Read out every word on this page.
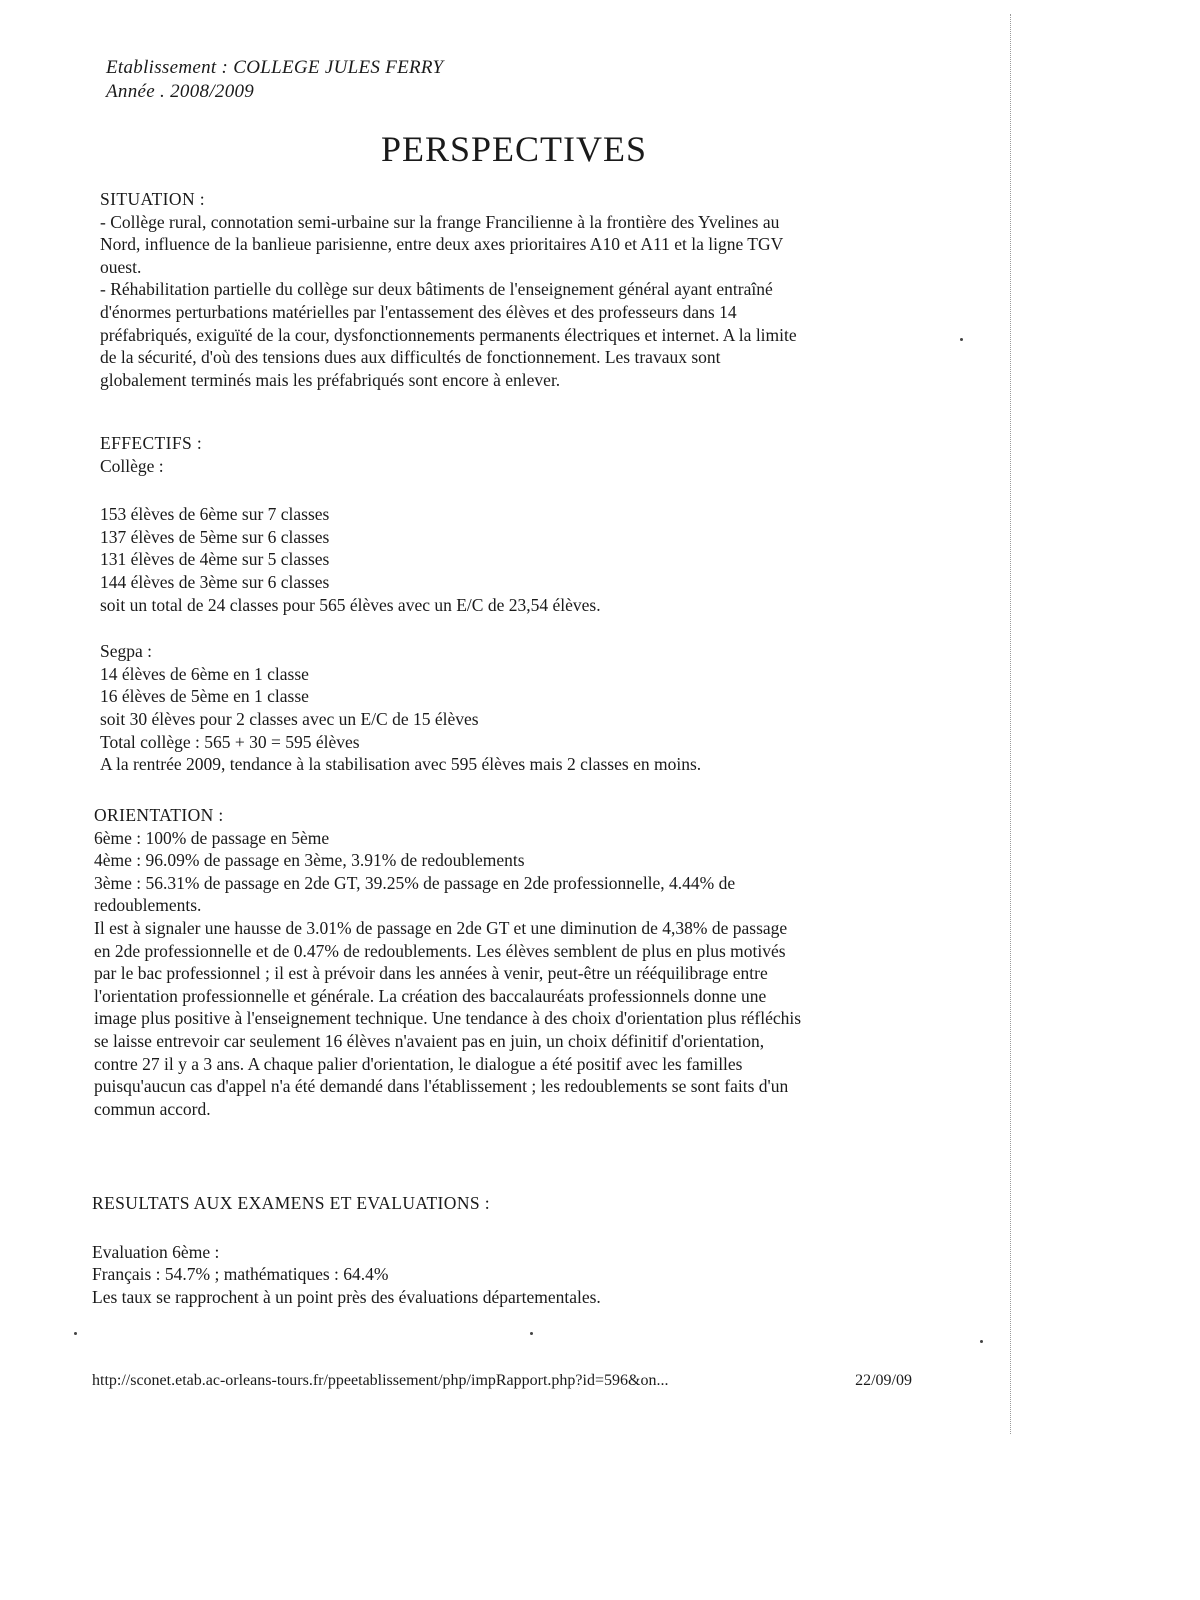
Etablissement : COLLEGE JULES FERRY
Année . 2008/2009
PERSPECTIVES

SITUATION :

- Collège rural, connotation semi-urbaine sur la frange Francilienne à la frontière des Yvelines au

Nord, influence de la banlieue parisienne, entre deux axes prioritaires A10 et A11 et la ligne TGV

ouest.

- Réhabilitation partielle du collège sur deux bâtiments de l'enseignement général ayant entraîné

d'énormes perturbations matérielles par l'entassement des élèves et des professeurs dans 14

préfabriqués, exiguïté de la cour, dysfonctionnements permanents électriques et internet. A la limite

de la sécurité, d'où des tensions dues aux difficultés de fonctionnement. Les travaux sont

globalement terminés mais les préfabriqués sont encore à enlever.

EFFECTIFS :

Collège :

153 élèves de 6ème sur 7 classes

137 élèves de 5ème sur 6 classes

131 élèves de 4ème sur 5 classes

144 élèves de 3ème sur 6 classes

soit un total de 24 classes pour 565 élèves avec un E/C de 23,54 élèves.

Segpa :

14 élèves de 6ème en 1 classe

16 élèves de 5ème en 1 classe

soit 30 élèves pour 2 classes avec un E/C de 15 élèves

Total collège : 565 + 30 = 595 élèves

A la rentrée 2009, tendance à la stabilisation avec 595 élèves mais 2 classes en moins.

ORIENTATION :

6ème : 100% de passage en 5ème

4ème : 96.09% de passage en 3ème, 3.91% de redoublements

3ème : 56.31% de passage en 2de GT, 39.25% de passage en 2de professionnelle, 4.44% de

redoublements.

Il est à signaler une hausse de 3.01% de passage en 2de GT et une diminution de 4,38% de passage

en 2de professionnelle et de 0.47% de redoublements. Les élèves semblent de plus en plus motivés

par le bac professionnel ; il est à prévoir dans les années à venir, peut-être un rééquilibrage entre

l'orientation professionnelle et générale. La création des baccalauréats professionnels donne une

image plus positive à l'enseignement technique. Une tendance à des choix d'orientation plus réfléchis

se laisse entrevoir car seulement 16 élèves n'avaient pas en juin, un choix définitif d'orientation,

contre 27 il y a 3 ans. A chaque palier d'orientation, le dialogue a été positif avec les familles

puisqu'aucun cas d'appel n'a été demandé dans l'établissement ; les redoublements se sont faits d'un

commun accord.

RESULTATS AUX EXAMENS ET EVALUATIONS :

Evaluation 6ème :

Français : 54.7% ; mathématiques : 64.4%

Les taux se rapprochent à un point près des évaluations départementales.

http://sconet.etab.ac-orleans-tours.fr/ppeetablissement/php/impRapport.php?id=596&on...	22/09/09
